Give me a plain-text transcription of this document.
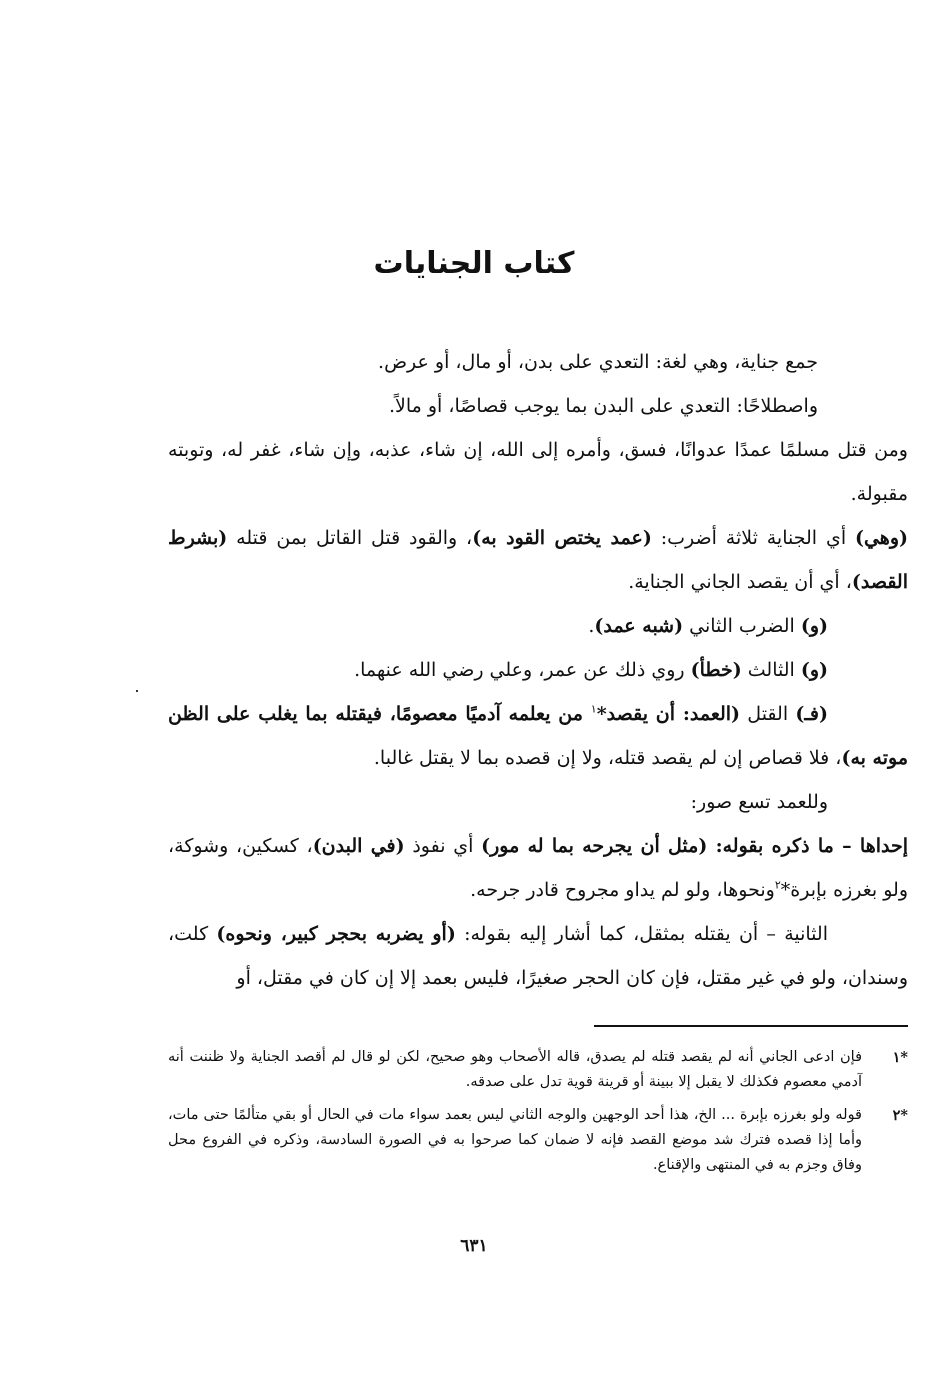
كتاب الجنايات

جمع جناية، وهي لغة: التعدي على بدن، أو مال، أو عرض.

واصطلاحًا: التعدي على البدن بما يوجب قصاصًا، أو مالاً.

ومن قتل مسلمًا عمدًا عدوانًا، فسق، وأمره إلى الله، إن شاء، عذبه، وإن شاء، غفر له، وتوبته مقبولة.

(وهي) أي الجناية ثلاثة أضرب: (عمد يختص القود به)، والقود قتل القاتل بمن قتله (بشرط القصد)، أي أن يقصد الجاني الجناية.

(و) الضرب الثاني (شبه عمد).

(و) الثالث (خطأ) روي ذلك عن عمر، وعلي رضي الله عنهما.

(فـ) القتل (العمد: أن يقصد*$^١$ من يعلمه آدميًا معصومًا، فيقتله بما يغلب على الظن موته به)، فلا قصاص إن لم يقصد قتله، ولا إن قصده بما لا يقتل غالبا.

وللعمد تسع صور:

إحداها – ما ذكره بقوله: (مثل أن يجرحه بما له مور) أي نفوذ (في البدن)، كسكين، وشوكة، ولو بغرزه بإبرة*$^٢$ونحوها، ولو لم يداو مجروح قادر جرحه.

الثانية – أن يقتله بمثقل، كما أشار إليه بقوله: (أو يضربه بحجر كبير، ونحوه) كلت، وسندان، ولو في غير مقتل، فإن كان الحجر صغيرًا، فليس بعمد إلا إن كان في مقتل، أو

*١
فإن ادعى الجاني أنه لم يقصد قتله لم يصدق، قاله الأصحاب وهو صحيح، لكن لو قال لم أقصد الجناية ولا ظننت أنه آدمي معصوم فكذلك لا يقبل إلا ببينة أو قرينة قوية تدل على صدقه.
*٢
قوله ولو بغرزه بإبرة ... الخ، هذا أحد الوجهين والوجه الثاني ليس بعمد سواء مات في الحال أو بقي متألمًا حتى مات، وأما إذا قصده فترك شد موضع القصد فإنه لا ضمان كما صرحوا به في الصورة السادسة، وذكره في الفروع محل وفاق وجزم به في المنتهى والإقناع.
٦٣١
